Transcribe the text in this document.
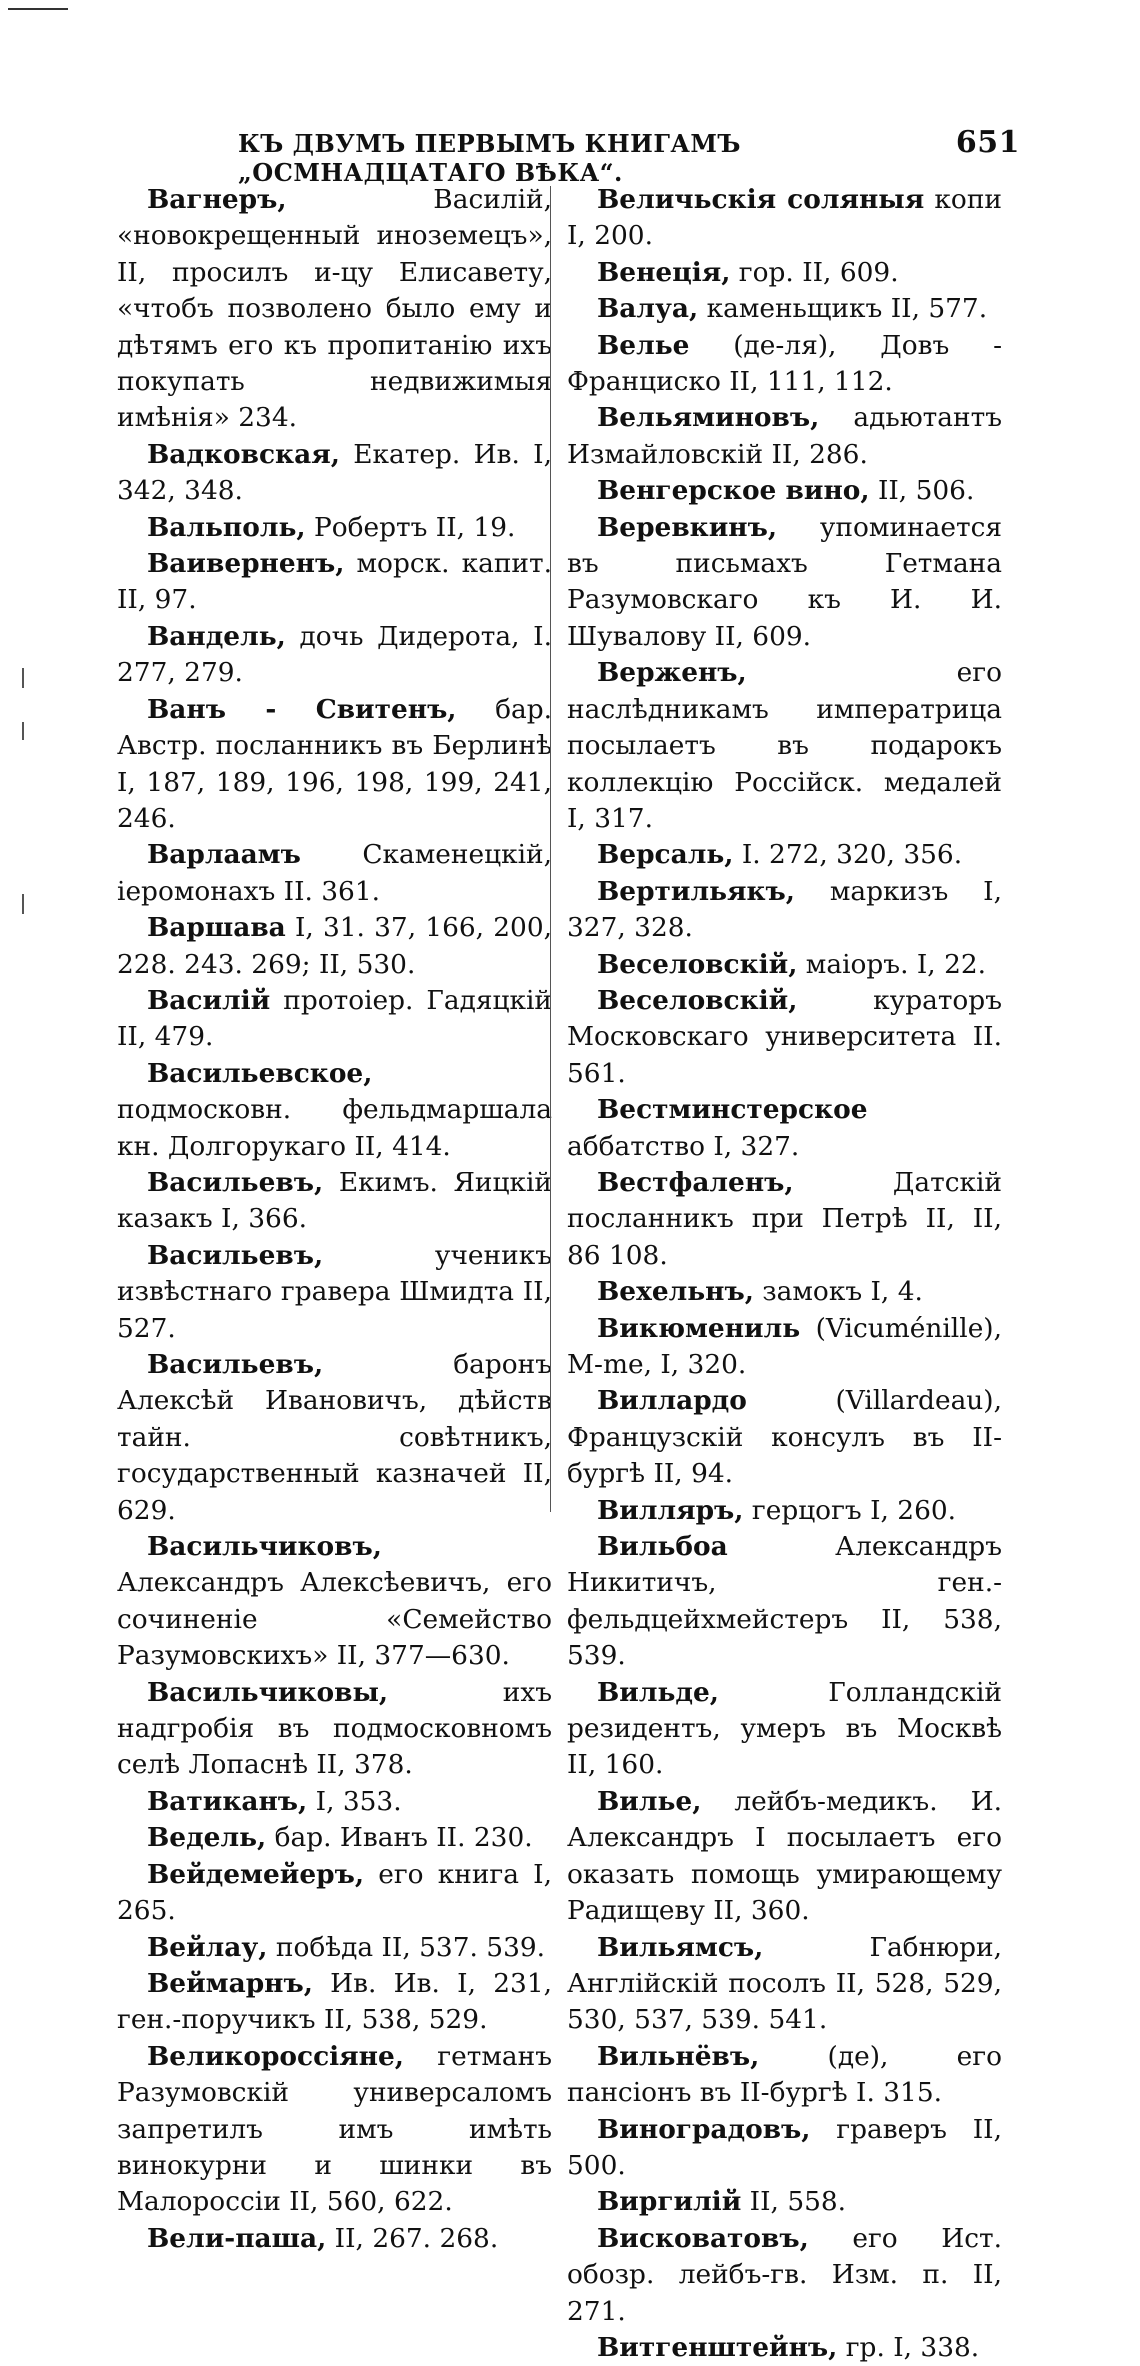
КЪ ДВУМЪ ПЕРВЫМЪ КНИГАМЪ „ОСМНАДЦАТАГО ВѢКА“.
651

Вагнеръ, Василій, «новокрещенный иноземецъ», II, просилъ и-цу Елисавету, «чтобъ позволено было ему и дѣтямъ его къ пропитанію ихъ покупать недвижимыя имѣнія» 234.

Вадковская, Екатер. Ив. I, 342, 348.

Вальполь, Робертъ II, 19.

Ваиверненъ, морск. капит. II, 97.

Вандель, дочь Дидерота, I. 277, 279.

Ванъ - Свитенъ, бар. Австр. посланникъ въ Берлинѣ I, 187, 189, 196, 198, 199, 241, 246.

Варлаамъ Скаменецкій, іеромонахъ II. 361.

Варшава I, 31. 37, 166, 200, 228. 243. 269; II, 530.

Василій протоіер. Гадяцкій II, 479.

Васильевское, подмосковн. фельдмаршала кн. Долгорукаго II, 414.

Васильевъ, Екимъ. Яицкій казакъ I, 366.

Васильевъ, ученикъ извѣстнаго гравера Шмидта II, 527.

Васильевъ, баронъ Алексѣй Ивановичъ, дѣйств тайн. совѣтникъ, государственный казначей II, 629.

Васильчиковъ, Александръ Алексѣевичъ, его сочиненіе «Семейство Разумовскихъ» II, 377—630.

Васильчиковы, ихъ надгробія въ подмосковномъ селѣ Лопаснѣ II, 378.

Ватиканъ, I, 353.

Ведель, бар. Иванъ II. 230.

Вейдемейеръ, его книга I, 265.

Вейлау, побѣда II, 537. 539.

Веймарнъ, Ив. Ив. I, 231, ген.-поручикъ II, 538, 529.

Великороссіяне, гетманъ Разумовскій универсаломъ запретилъ имъ имѣть винокурни и шинки въ Малороссіи II, 560, 622.

Вели-паша, II, 267. 268.

Величьскія соляныя копи I, 200.

Венеція, гор. II, 609.

Валуа, каменьщикъ II, 577.

Велье (де-ля), Довъ - Франциско II, 111, 112.

Вельяминовъ, адьютантъ Измайловскій II, 286.

Венгерское вино, II, 506.

Веревкинъ, упоминается въ письмахъ Гетмана Разумовскаго къ И. И. Шувалову II, 609.

Верженъ, его наслѣдникамъ императрица посылаетъ въ подарокъ коллекцію Россійск. медалей I, 317.

Версаль, I. 272, 320, 356.

Вертильякъ, маркизъ I, 327, 328.

Веселовскій, маіоръ. I, 22.

Веселовскій, кураторъ Московскаго университета II. 561.

Вестминстерское аббатство I, 327.

Вестфаленъ, Датскій посланникъ при Петрѣ II, II, 86 108.

Вехельнъ, замокъ I, 4.

Викюмениль (Vicuménille), M-me, I, 320.

Виллардо (Villardeau), Французскій консулъ въ II-бургѣ II, 94.

Вилляръ, герцогъ I, 260.

Вильбоа Александръ Никитичъ, ген.-фельдцейхмейстеръ II, 538, 539.

Вильде, Голландскій резидентъ, умеръ въ Москвѣ II, 160.

Вилье, лейбъ-медикъ. И. Александръ I посылаетъ его оказать помощь умирающему Радищеву II, 360.

Вильямсъ, Габнюри, Англійскій посолъ II, 528, 529, 530, 537, 539. 541.

Вильнёвъ, (де), его пансіонъ въ II-бургѣ I. 315.

Виноградовъ, граверъ II, 500.

Виргилій II, 558.

Висковатовъ, его Ист. обозр. лейбъ-гв. Изм. п. II, 271.

Витгенштейнъ, гр. I, 338.
